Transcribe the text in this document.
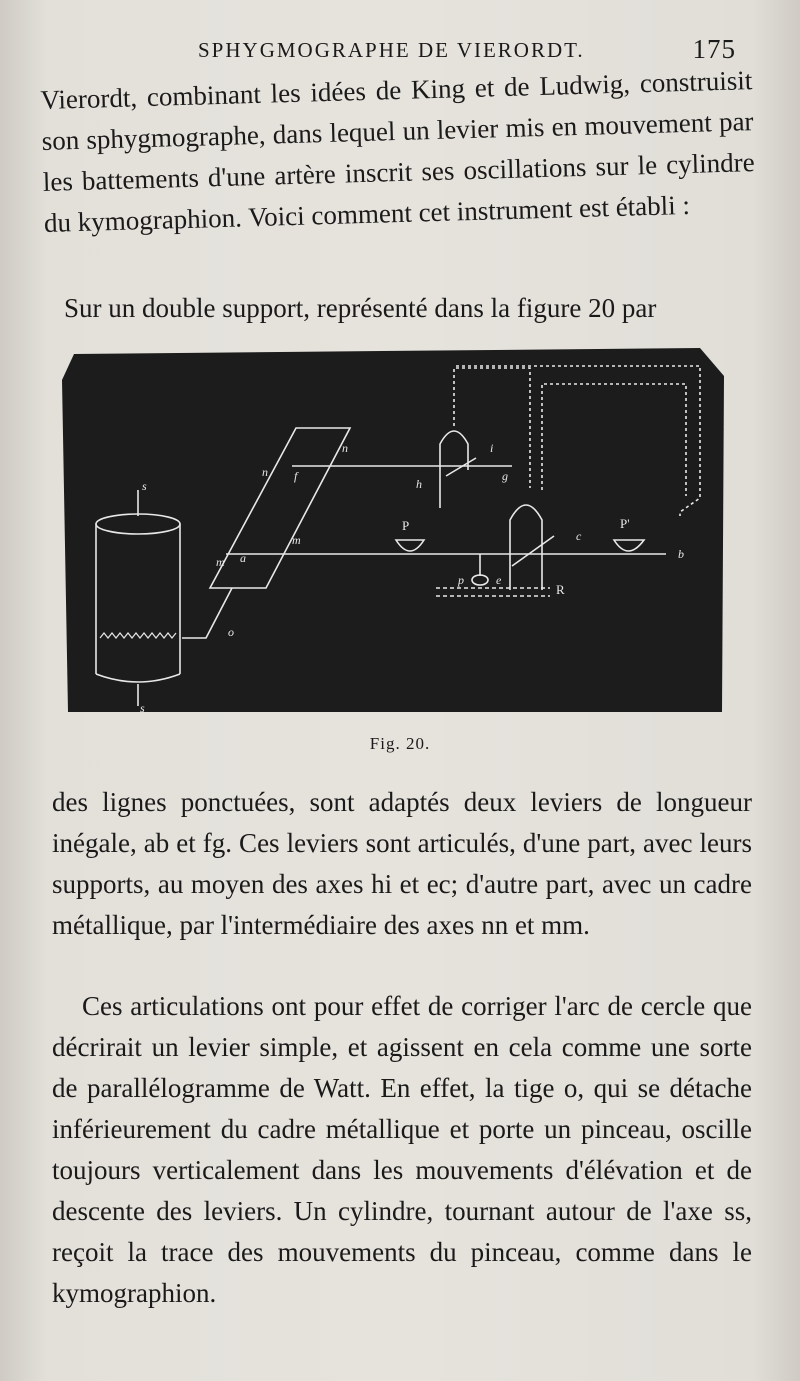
SPHYGMOGRAPHE DE VIERORDT.	175

Vierordt, combinant les idées de King et de Ludwig, construisit son sphygmographe, dans lequel un levier mis en mouvement par les battements d'une artère inscrit ses oscillations sur le cylindre du kymographion. Voici comment cet instrument est établi :

Sur un double support, représenté dans la figure 20 par

n
f
n
m
m a
o
h
i
g
P	P'
c
b
p	e
R
s
s
Fig. 20.

des lignes ponctuées, sont adaptés deux leviers de longueur inégale, ab et fg. Ces leviers sont articulés, d'une part, avec leurs supports, au moyen des axes hi et ec; d'autre part, avec un cadre métallique, par l'intermédiaire des axes nn et mm.

Ces articulations ont pour effet de corriger l'arc de cercle que décrirait un levier simple, et agissent en cela comme une sorte de parallélogramme de Watt. En effet, la tige o, qui se détache inférieurement du cadre métallique et porte un pinceau, oscille toujours verticalement dans les mouvements d'élévation et de descente des leviers. Un cylindre, tournant autour de l'axe ss, reçoit la trace des mouvements du pinceau, comme dans le kymographion.
